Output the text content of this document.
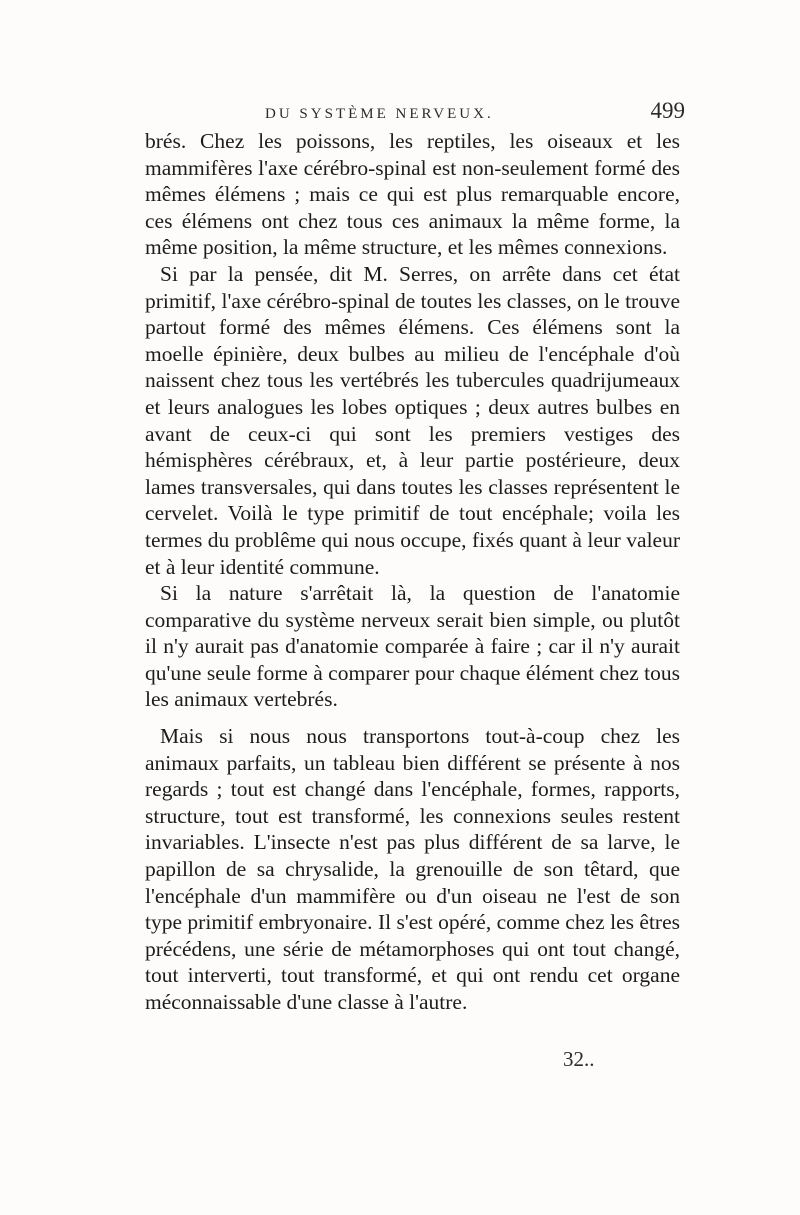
DU SYSTÈME NERVEUX.	499

brés. Chez les poissons, les reptiles, les oiseaux et les mammifères l'axe cérébro-spinal est non-seulement formé des mêmes élémens ; mais ce qui est plus remarquable encore, ces élémens ont chez tous ces animaux la même forme, la même position, la même structure, et les mêmes connexions.

Si par la pensée, dit M. Serres, on arrête dans cet état primitif, l'axe cérébro-spinal de toutes les classes, on le trouve partout formé des mêmes élémens. Ces élémens sont la moelle épinière, deux bulbes au milieu de l'encéphale d'où naissent chez tous les vertébrés les tubercules quadrijumeaux et leurs analogues les lobes optiques ; deux autres bulbes en avant de ceux-ci qui sont les premiers vestiges des hémisphères cérébraux, et, à leur partie postérieure, deux lames transversales, qui dans toutes les classes représentent le cervelet. Voilà le type primitif de tout encéphale; voila les termes du problême qui nous occupe, fixés quant à leur valeur et à leur identité commune.

Si la nature s'arrêtait là, la question de l'anatomie comparative du système nerveux serait bien simple, ou plutôt il n'y aurait pas d'anatomie comparée à faire ; car il n'y aurait qu'une seule forme à comparer pour chaque élément chez tous les animaux vertebrés.

Mais si nous nous transportons tout-à-coup chez les animaux parfaits, un tableau bien différent se présente à nos regards ; tout est changé dans l'encéphale, formes, rapports, structure, tout est transformé, les connexions seules restent invariables. L'insecte n'est pas plus différent de sa larve, le papillon de sa chrysalide, la grenouille de son têtard, que l'encéphale d'un mammifère ou d'un oiseau ne l'est de son type primitif embryonaire. Il s'est opéré, comme chez les êtres précédens, une série de métamorphoses qui ont tout changé, tout interverti, tout transformé, et qui ont rendu cet organe méconnaissable d'une classe à l'autre.

32..
